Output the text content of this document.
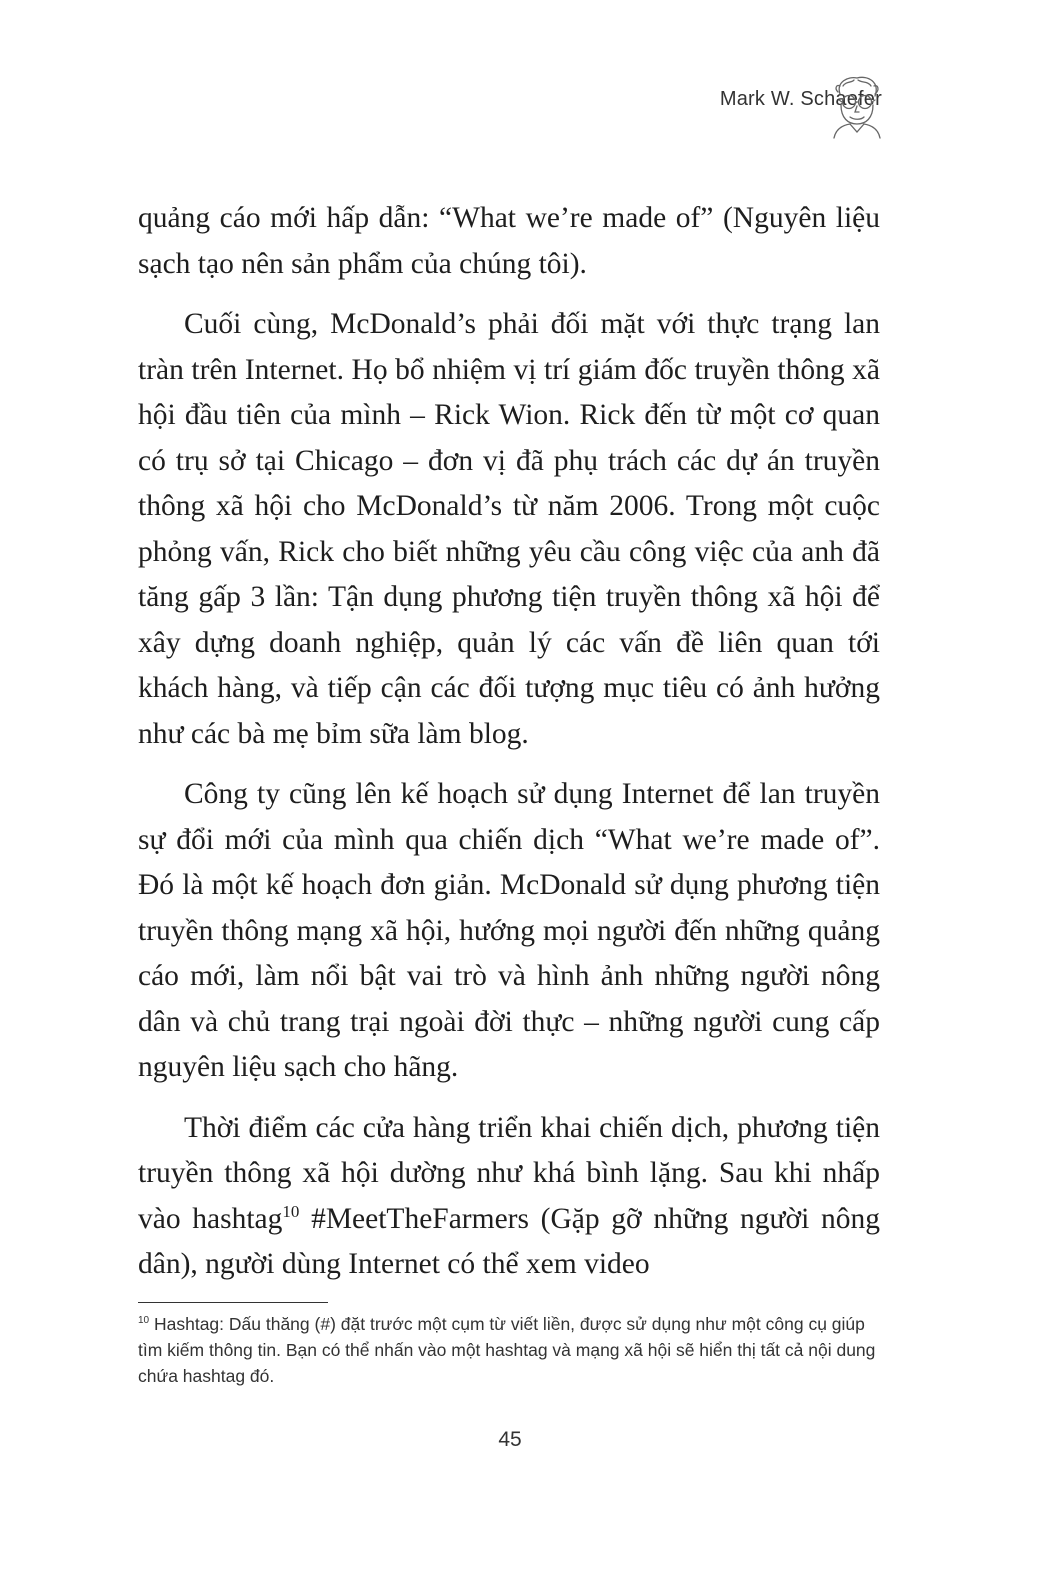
Mark W. Schaefer

quảng cáo mới hấp dẫn: “What we’re made of” (Nguyên liệu sạch tạo nên sản phẩm của chúng tôi).

Cuối cùng, McDonald’s phải đối mặt với thực trạng lan tràn trên Internet. Họ bổ nhiệm vị trí giám đốc truyền thông xã hội đầu tiên của mình – Rick Wion. Rick đến từ một cơ quan có trụ sở tại Chicago – đơn vị đã phụ trách các dự án truyền thông xã hội cho McDonald’s từ năm 2006. Trong một cuộc phỏng vấn, Rick cho biết những yêu cầu công việc của anh đã tăng gấp 3 lần: Tận dụng phương tiện truyền thông xã hội để xây dựng doanh nghiệp, quản lý các vấn đề liên quan tới khách hàng, và tiếp cận các đối tượng mục tiêu có ảnh hưởng như các bà mẹ bỉm sữa làm blog.

Công ty cũng lên kế hoạch sử dụng Internet để lan truyền sự đổi mới của mình qua chiến dịch “What we’re made of”. Đó là một kế hoạch đơn giản. McDonald sử dụng phương tiện truyền thông mạng xã hội, hướng mọi người đến những quảng cáo mới, làm nổi bật vai trò và hình ảnh những người nông dân và chủ trang trại ngoài đời thực – những người cung cấp nguyên liệu sạch cho hãng.

Thời điểm các cửa hàng triển khai chiến dịch, phương tiện truyền thông xã hội dường như khá bình lặng. Sau khi nhấp vào hashtag$^{10}$ #MeetTheFarmers (Gặp gỡ những người nông dân), người dùng Internet có thể xem video

$^{10}$ Hashtag: Dấu thăng (#) đặt trước một cụm từ viết liền, được sử dụng như một công cụ giúp tìm kiếm thông tin. Bạn có thể nhấn vào một hashtag và mạng xã hội sẽ hiển thị tất cả nội dung chứa hashtag đó.
45
